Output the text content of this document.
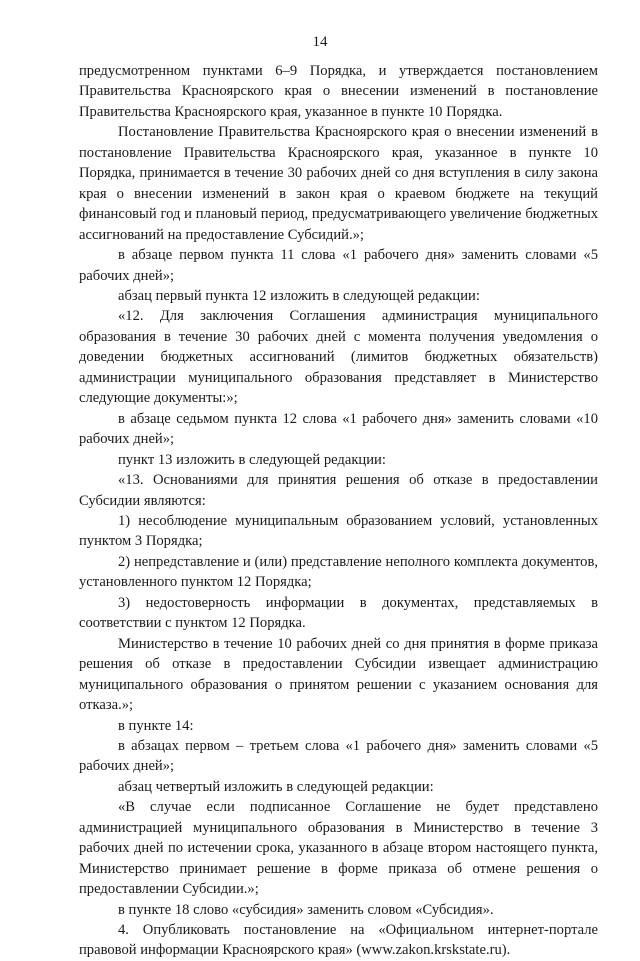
14

предусмотренном пунктами 6–9 Порядка, и утверждается постановлением Правительства Красноярского края о внесении изменений в постановление Правительства Красноярского края, указанное в пункте 10 Порядка.

Постановление Правительства Красноярского края о внесении изменений в постановление Правительства Красноярского края, указанное в пункте 10 Порядка, принимается в течение 30 рабочих дней со дня вступления в силу закона края о внесении изменений в закон края о краевом бюджете на текущий финансовый год и плановый период, предусматривающего увеличение бюджетных ассигнований на предоставление Субсидий.»;

в абзаце первом пункта 11 слова «1 рабочего дня» заменить словами «5 рабочих дней»;

абзац первый пункта 12 изложить в следующей редакции:

«12. Для заключения Соглашения администрация муниципального образования в течение 30 рабочих дней с момента получения уведомления о доведении бюджетных ассигнований (лимитов бюджетных обязательств) администрации муниципального образования представляет в Министерство следующие документы:»;

в абзаце седьмом пункта 12 слова «1 рабочего дня» заменить словами «10 рабочих дней»;

пункт 13 изложить в следующей редакции:

«13. Основаниями для принятия решения об отказе в предоставлении Субсидии являются:

1) несоблюдение муниципальным образованием условий, установленных пунктом 3 Порядка;

2) непредставление и (или) представление неполного комплекта документов, установленного пунктом 12 Порядка;

3) недостоверность информации в документах, представляемых в соответствии с пунктом 12 Порядка.

Министерство в течение 10 рабочих дней со дня принятия в форме приказа решения об отказе в предоставлении Субсидии извещает администрацию муниципального образования о принятом решении с указанием основания для отказа.»;

в пункте 14:

в абзацах первом – третьем слова «1 рабочего дня» заменить словами «5 рабочих дней»;

абзац четвертый изложить в следующей редакции:

«В случае если подписанное Соглашение не будет представлено администрацией муниципального образования в Министерство в течение 3 рабочих дней по истечении срока, указанного в абзаце втором настоящего пункта, Министерство принимает решение в форме приказа об отмене решения о предоставлении Субсидии.»;

в пункте 18 слово «субсидия» заменить словом «Субсидия».

4. Опубликовать постановление на «Официальном интернет-портале правовой информации Красноярского края» (www.zakon.krskstate.ru).
